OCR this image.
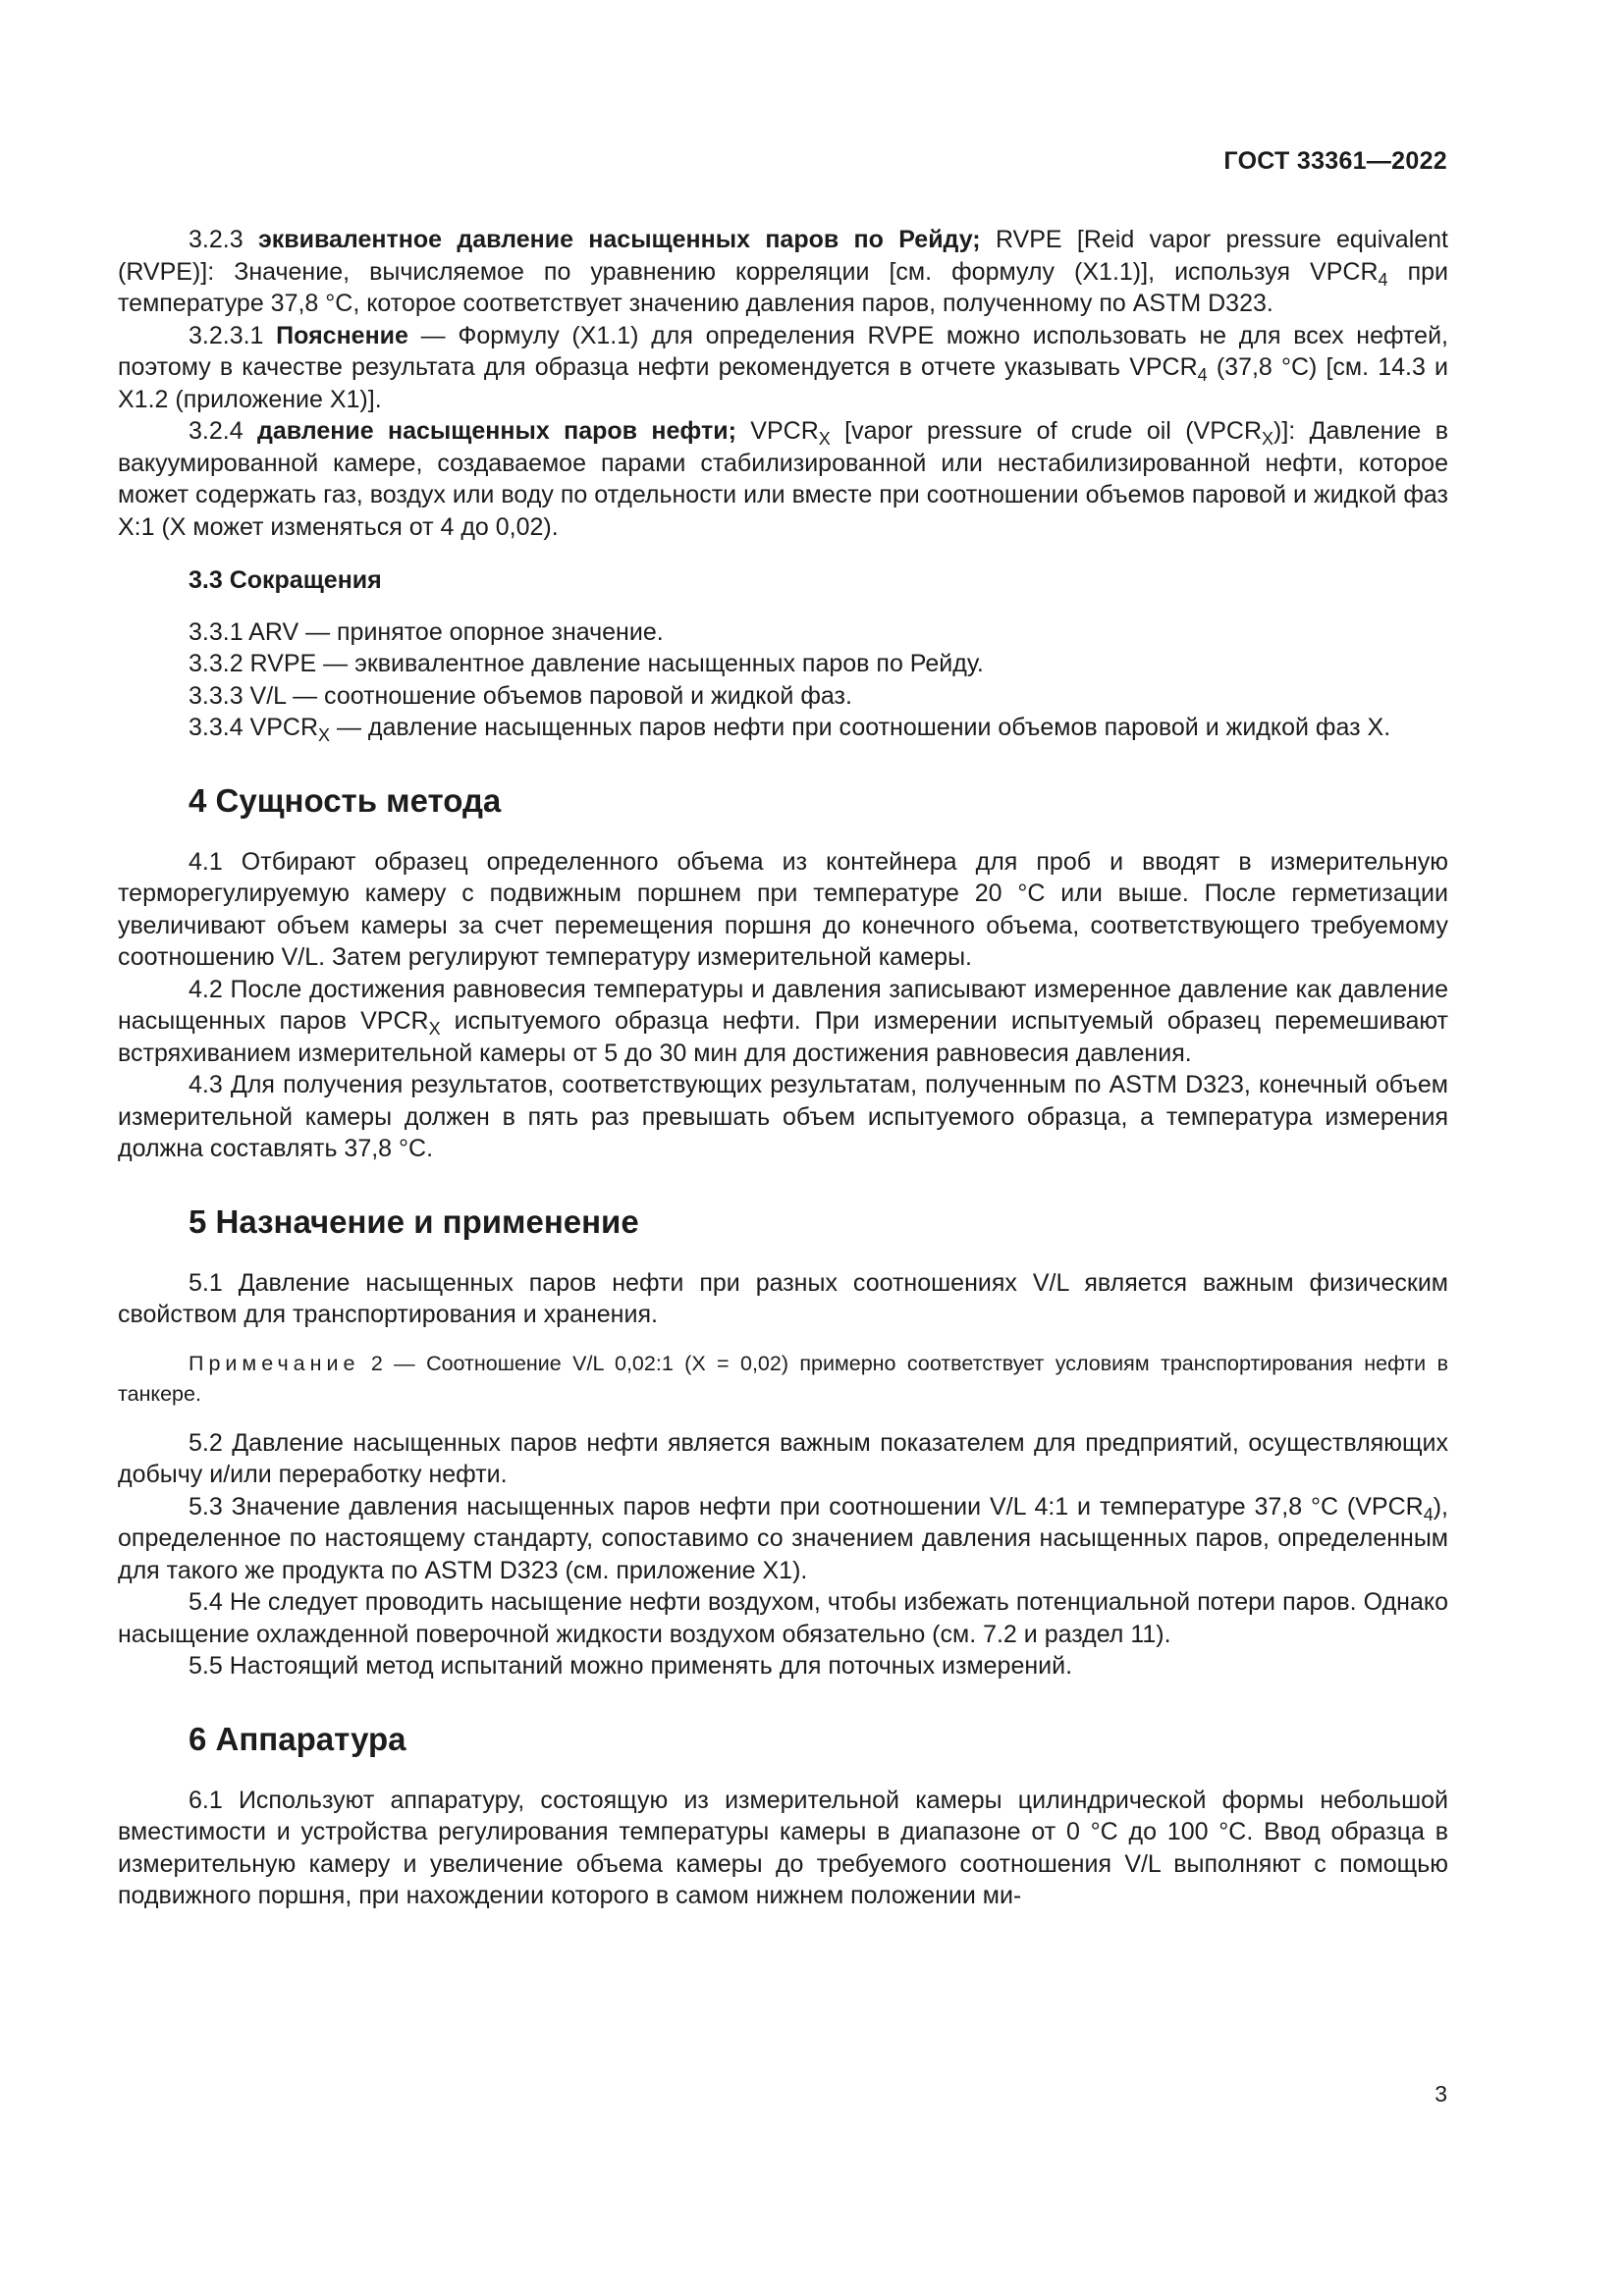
ГОСТ 33361—2022

3.2.3 эквивалентное давление насыщенных паров по Рейду; RVPE [Reid vapor pressure equivalent (RVPE)]: Значение, вычисляемое по уравнению корреляции [см. формулу (X1.1)], используя $VPCR_4$ при температуре 37,8 °С, которое соответствует значению давления паров, полученному по ASTM D323.

3.2.3.1 Пояснение — Формулу (X1.1) для определения RVPE можно использовать не для всех нефтей, поэтому в качестве результата для образца нефти рекомендуется в отчете указывать $VPCR_4$ (37,8 °С) [см. 14.3 и X1.2 (приложение X1)].

3.2.4 давление насыщенных паров нефти; $VPCR_X$ [vapor pressure of crude oil $(VPCR_X)$]: Давление в вакуумированной камере, создаваемое парами стабилизированной или нестабилизированной нефти, которое может содержать газ, воздух или воду по отдельности или вместе при соотношении объемов паровой и жидкой фаз X:1 (X может изменяться от 4 до 0,02).

3.3 Сокращения

3.3.1 ARV — принятое опорное значение.

3.3.2 RVPE — эквивалентное давление насыщенных паров по Рейду.

3.3.3 V/L — соотношение объемов паровой и жидкой фаз.

3.3.4 $VPCR_X$ — давление насыщенных паров нефти при соотношении объемов паровой и жидкой фаз X.

4 Сущность метода

4.1 Отбирают образец определенного объема из контейнера для проб и вводят в измерительную терморегулируемую камеру с подвижным поршнем при температуре 20 °С или выше. После герметизации увеличивают объем камеры за счет перемещения поршня до конечного объема, соответствующего требуемому соотношению V/L. Затем регулируют температуру измерительной камеры.

4.2 После достижения равновесия температуры и давления записывают измеренное давление как давление насыщенных паров $VPCR_X$ испытуемого образца нефти. При измерении испытуемый образец перемешивают встряхиванием измерительной камеры от 5 до 30 мин для достижения равновесия давления.

4.3 Для получения результатов, соответствующих результатам, полученным по ASTM D323, конечный объем измерительной камеры должен в пять раз превышать объем испытуемого образца, а температура измерения должна составлять 37,8 °С.

5 Назначение и применение

5.1 Давление насыщенных паров нефти при разных соотношениях V/L является важным физическим свойством для транспортирования и хранения.

Примечание 2 — Соотношение V/L 0,02:1 (X = 0,02) примерно соответствует условиям транспортирования нефти в танкере.

5.2 Давление насыщенных паров нефти является важным показателем для предприятий, осуществляющих добычу и/или переработку нефти.

5.3 Значение давления насыщенных паров нефти при соотношении V/L 4:1 и температуре 37,8 °С $(VPCR_4)$, определенное по настоящему стандарту, сопоставимо со значением давления насыщенных паров, определенным для такого же продукта по ASTM D323 (см. приложение X1).

5.4 Не следует проводить насыщение нефти воздухом, чтобы избежать потенциальной потери паров. Однако насыщение охлажденной поверочной жидкости воздухом обязательно (см. 7.2 и раздел 11).

5.5 Настоящий метод испытаний можно применять для поточных измерений.

6 Аппаратура

6.1 Используют аппаратуру, состоящую из измерительной камеры цилиндрической формы небольшой вместимости и устройства регулирования температуры камеры в диапазоне от 0 °С до 100 °С. Ввод образца в измерительную камеру и увеличение объема камеры до требуемого соотношения V/L выполняют с помощью подвижного поршня, при нахождении которого в самом нижнем положении ми-

3
